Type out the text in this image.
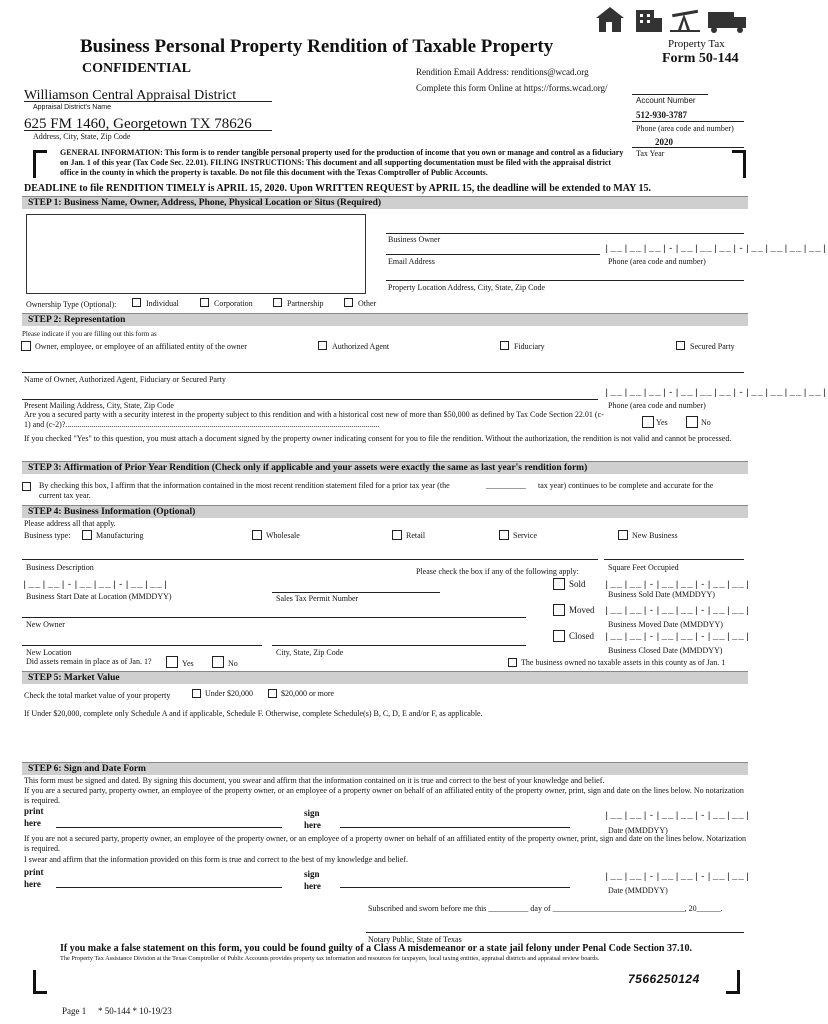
Business Personal Property Rendition of Taxable Property
CONFIDENTIAL
Property Tax
Form 50-144
Rendition Email Address: renditions@wcad.org
Complete this form Online at https://forms.wcad.org/
Williamson Central Appraisal District
Appraisal District's Name
625 FM 1460, Georgetown TX 78626
Address, City, State, Zip Code
Account Number
512-930-3787
Phone (area code and number)
2020
Tax Year
GENERAL INFORMATION: This form is to render tangible personal property used for the production of income that you own or manage and control as a fiduciary on Jan. 1 of this year (Tax Code Sec. 22.01). FILING INSTRUCTIONS: This document and all supporting documentation must be filed with the appraisal district office in the county in which the property is taxable. Do not file this document with the Texas Comptroller of Public Accounts.
DEADLINE to file RENDITION TIMELY is APRIL 15, 2020. Upon WRITTEN REQUEST by APRIL 15, the deadline will be extended to MAY 15.
STEP 1: Business Name, Owner, Address, Phone, Physical Location or Situs (Required)
Business Owner
|__|__|__|-|__|__|__|-|__|__|__|__|
Email Address	Phone (area code and number)
Property Location Address, City, State, Zip Code
Ownership Type (Optional):	Individual	Corporation	Partnership	Other
STEP 2: Representation
Please indicate if you are filling out this form as
Owner, employee, or employee of an affiliated entity of the owner	Authorized Agent	Fiduciary	Secured Party
Name of Owner, Authorized Agent, Fiduciary or Secured Party
|__|__|__|-|__|__|__|-|__|__|__|__|
Present Mailing Address, City, State, Zip Code	Phone (area code and number)
Are you a secured party with a security interest in the property subject to this rendition and with a historical cost new of more than $50,000 as defined by Tax Code Section 22.01 (c-1) and (c-2)?.............................................................................................................................................................	Yes	No
If you checked "Yes" to this question, you must attach a document signed by the property owner indicating consent for you to file the rendition. Without the authorization, the rendition is not valid and cannot be processed.
STEP 3: Affirmation of Prior Year Rendition (Check only if applicable and your assets were exactly the same as last year's rendition form)
By checking this box, I affirm that the information contained in the most recent rendition statement filed for a prior tax year (the	__________ tax year) continues to be complete and accurate for the
current tax year.
STEP 4: Business Information (Optional)
Please address all that apply.
Business type:	Manufacturing	Wholesale	Retail	Service	New Business
Business Description	Please check the box if any of the following apply:	Square Feet Occupied
|__|__|-|__|__|-|__|__|	Sold |__|__|-|__|__|-|__|__|
Business Start Date at Location (MMDDYY)	Sales Tax Permit Number	Business Sold Date (MMDDYY)
Moved |__|__|-|__|__|-|__|__|
New Owner	Business Moved Date (MMDDYY)
Closed |__|__|-|__|__|-|__|__|
New Location	City, State, Zip Code	Business Closed Date (MMDDYY)
Did assets remain in place as of Jan. 1?	Yes	No	The business owned no taxable assets in this county as of Jan. 1
STEP 5: Market Value
Check the total market value of your property	Under $20,000	$20,000 or more
If Under $20,000, complete only Schedule A and if applicable, Schedule F. Otherwise, complete Schedule(s) B, C, D, E and/or F, as applicable.
STEP 6: Sign and Date Form
This form must be signed and dated. By signing this document, you swear and affirm that the information contained on it is true and correct to the best of your knowledge and belief.
If you are a secured party, property owner, an employee of the property owner, or an employee of a property owner on behalf of an affiliated entity of the property owner, print, sign and date on the lines below. No notarization is required.
print
here
sign
here
|__|__|-|__|__|-|__|__|
Date (MMDDYY)
If you are not a secured party, property owner, an employee of the property owner, or an employee of a property owner on behalf of an affiliated entity of the property owner, print, sign and date on the lines below. Notarization is required.
I swear and affirm that the information provided on this form is true and correct to the best of my knowledge and belief.
print
here
sign
here
|__|__|-|__|__|-|__|__|
Date (MMDDYY)
Subscribed and sworn before me this __________ day of _________________________________, 20______.
Notary Public, State of Texas
If you make a false statement on this form, you could be found guilty of a Class A misdemeanor or a state jail felony under Penal Code Section 37.10.
The Property Tax Assistance Division at the Texas Comptroller of Public Accounts provides property tax information and resources for taxpayers, local taxing entities, appraisal districts and appraisal review boards.
7566250124
Page 1 * 50-144 * 10-19/23
